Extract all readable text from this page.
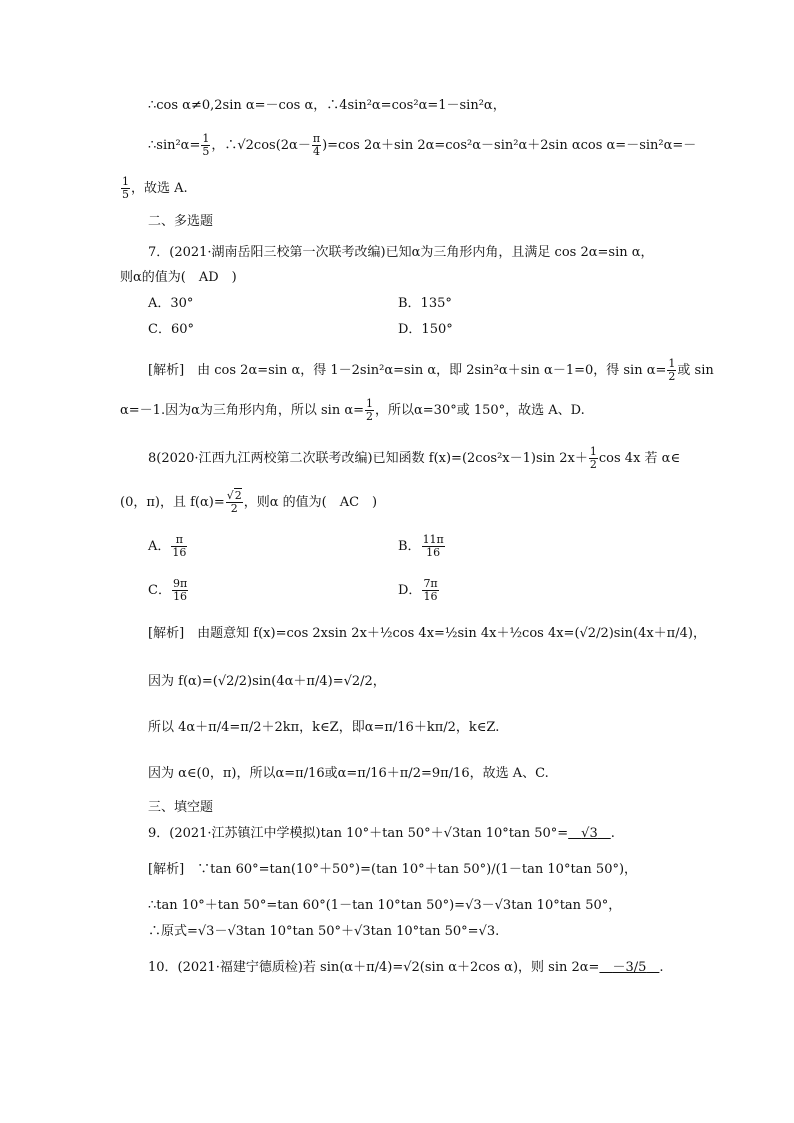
∴cos α≠0,2sin α=－cos α，∴4sin²α=cos²α=1－sin²α，
∴sin²α= $\frac{1}{5}$ ，∴√2cos(2α－ $\frac{\pi}{4} )=\cos$ 2α＋sin 2α=cos²α－sin²α＋2sin αcos α=－sin²α=－
$\frac{1}{5}$ ，故选 A.
二、多选题
7．(2021·湖南岳阳三校第一次联考改编)已知α为三角形内角，且满足 cos 2α=sin α，
则α的值为(　AD　)
A．30°	B．135°
C．60°	D．150°
[解析]　由 cos 2α=sin α，得 1－2sin²α=sin α，即 2sin²α＋sin α－1=0，得 $\sin \alpha= \frac{1}{2}$ 或 sin
α=－1.因为α为三角形内角，所以 $\sin \alpha= \frac{1}{2}$ ，所以α=30°或 150°，故选 A、D.
8(2020·江西九江两校第二次联考改编)已知函数 f(x)=(2cos²x－1)sin $2x+ \frac{1}{2}$ cos 4x 若 α∈
(0，π)，且 $f(\alpha)= \frac{√2}{2}$ ，则α 的值为(　AC　)
A． $\frac{\pi}{16}$	B． $\frac{11\pi}{16}$
C． $\frac{9\pi}{16}$	D． $\frac{7\pi}{16}$
[解析]　由题意知 f(x)=cos 2xsin 2x＋½cos 4x=½sin 4x＋½cos 4x=(√2/2)sin(4x＋π/4)，
因为 f(α)=(√2/2)sin(4α＋π/4)=√2/2，
所以 4α＋π/4=π/2＋2kπ，k∈Z，即α=π/16＋kπ/2，k∈Z.
因为 α∈(0，π)，所以α=π/16或α=π/16＋π/2=9π/16，故选 A、C.
三、填空题
9．(2021·江苏镇江中学模拟)tan 10°＋tan 50°＋√3tan 10°tan 50°=  √3  .
[解析]　∵tan 60°=tan(10°＋50°)=(tan 10°＋tan 50°)/(1－tan 10°tan 50°)，
∴tan 10°＋tan 50°=tan 60°(1－tan 10°tan 50°)=√3－√3tan 10°tan 50°，
∴原式=√3－√3tan 10°tan 50°＋√3tan 10°tan 50°=√3.
10．(2021·福建宁德质检)若 sin(α＋π/4)=√2(sin α＋2cos α)，则 sin 2α=  －3/5  .
